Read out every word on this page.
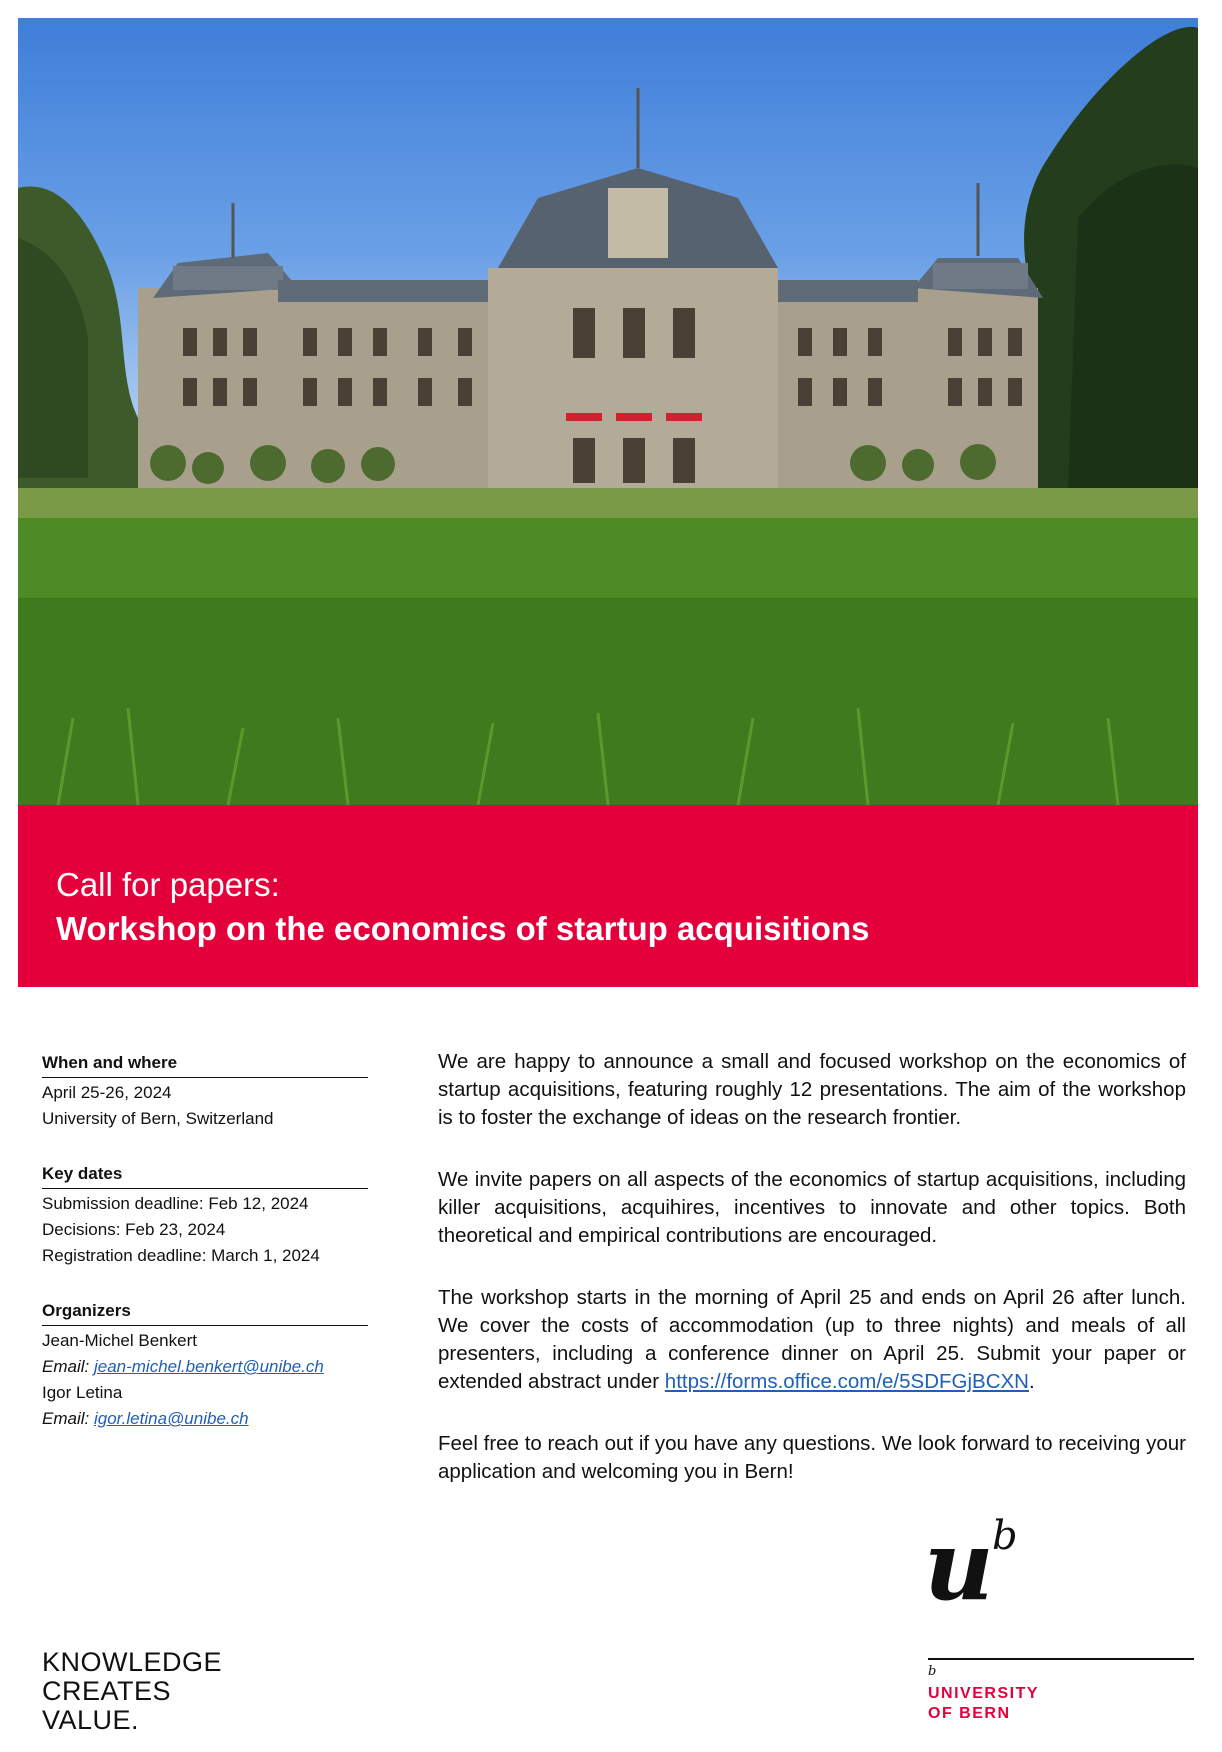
Call for papers:
Workshop on the economics of startup acquisitions
When and where
April 25-26, 2024
University of Bern, Switzerland
Key dates
Submission deadline: Feb 12, 2024
Decisions: Feb 23, 2024
Registration deadline: March 1, 2024
Organizers
Jean-Michel Benkert
Email: jean-michel.benkert@unibe.ch
Igor Letina
Email: igor.letina@unibe.ch

We are happy to announce a small and focused workshop on the economics of startup acquisitions, featuring roughly 12 presentations. The aim of the workshop is to foster the exchange of ideas on the research frontier.

We invite papers on all aspects of the economics of startup acquisitions, including killer acquisitions, acquihires, incentives to innovate and other topics. Both theoretical and empirical contributions are encouraged.

The workshop starts in the morning of April 25 and ends on April 26 after lunch. We cover the costs of accommodation (up to three nights) and meals of all presenters, including a conference dinner on April 25. Submit your paper or extended abstract under https://forms.office.com/e/5SDFGjBCXN.

Feel free to reach out if you have any questions. We look forward to receiving your application and welcoming you in Bern!

KNOWLEDGE
CREATES
VALUE.
u
b
b
UNIVERSITY
OF BERN
